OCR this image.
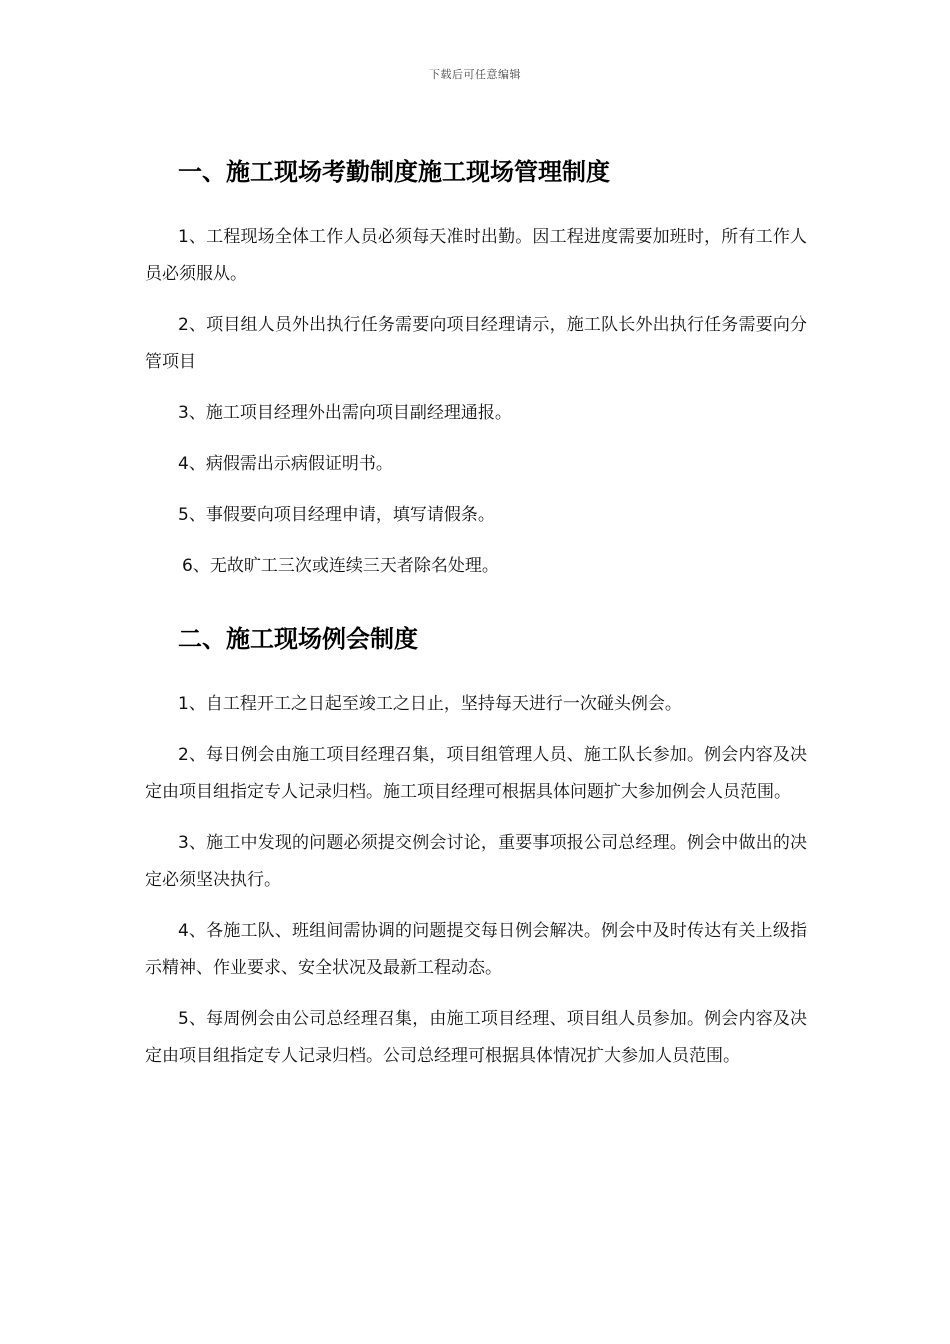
下载后可任意编辑
一、施工现场考勤制度施工现场管理制度

1、工程现场全体工作人员必须每天准时出勤。因工程进度需要加班时，所有工作人员必须服从。

2、项目组人员外出执行任务需要向项目经理请示，施工队长外出执行任务需要向分管项目

3、施工项目经理外出需向项目副经理通报。

4、病假需出示病假证明书。

5、事假要向项目经理申请，填写请假条。

6、无故旷工三次或连续三天者除名处理。

二、施工现场例会制度

1、自工程开工之日起至竣工之日止，坚持每天进行一次碰头例会。

2、每日例会由施工项目经理召集，项目组管理人员、施工队长参加。例会内容及决定由项目组指定专人记录归档。施工项目经理可根据具体问题扩大参加例会人员范围。

3、施工中发现的问题必须提交例会讨论，重要事项报公司总经理。例会中做出的决定必须坚决执行。

4、各施工队、班组间需协调的问题提交每日例会解决。例会中及时传达有关上级指示精神、作业要求、安全状况及最新工程动态。

5、每周例会由公司总经理召集，由施工项目经理、项目组人员参加。例会内容及决定由项目组指定专人记录归档。公司总经理可根据具体情况扩大参加人员范围。
